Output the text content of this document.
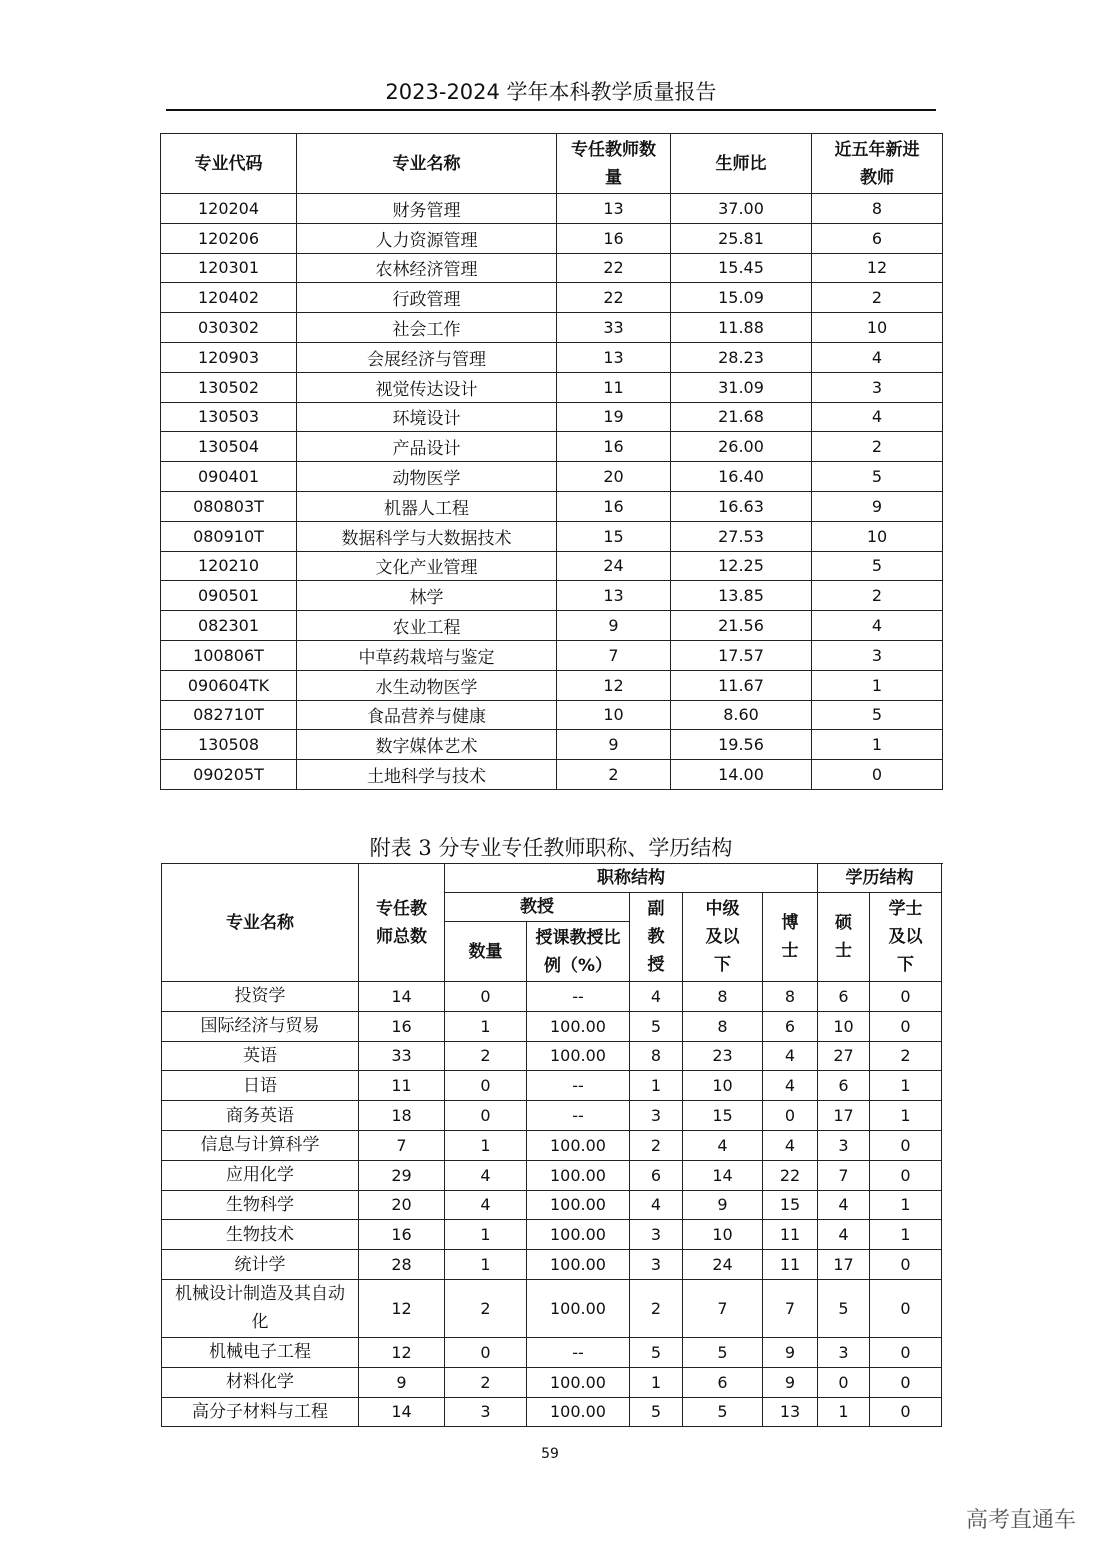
2023-2024 学年本科教学质量报告
专业代码	专业名称	专任教师数量	生师比	近五年新进教师
120204	财务管理	13	37.00	8
120206	人力资源管理	16	25.81	6
120301	农林经济管理	22	15.45	12
120402	行政管理	22	15.09	2
030302	社会工作	33	11.88	10
120903	会展经济与管理	13	28.23	4
130502	视觉传达设计	11	31.09	3
130503	环境设计	19	21.68	4
130504	产品设计	16	26.00	2
090401	动物医学	20	16.40	5
080803T	机器人工程	16	16.63	9
080910T	数据科学与大数据技术	15	27.53	10
120210	文化产业管理	24	12.25	5
090501	林学	13	13.85	2
082301	农业工程	9	21.56	4
100806T	中草药栽培与鉴定	7	17.57	3
090604TK	水生动物医学	12	11.67	1
082710T	食品营养与健康	10	8.60	5
130508	数字媒体艺术	9	19.56	1
090205T	土地科学与技术	2	14.00	0
附表 3 分专业专任教师职称、学历结构
专业名称	专任教师总数	职称结构					学历结构	
		教授		副教授	中级及以下	博士	硕士	学士及以下
		数量	授课教授比例（%）					
投资学	14	0	--	4	8	8	6	0
国际经济与贸易	16	1	100.00	5	8	6	10	0
英语	33	2	100.00	8	23	4	27	2
日语	11	0	--	1	10	4	6	1
商务英语	18	0	--	3	15	0	17	1
信息与计算科学	7	1	100.00	2	4	4	3	0
应用化学	29	4	100.00	6	14	22	7	0
生物科学	20	4	100.00	4	9	15	4	1
生物技术	16	1	100.00	3	10	11	4	1
统计学	28	1	100.00	3	24	11	17	0
机械设计制造及其自动化	12	2	100.00	2	7	7	5	0
机械电子工程	12	0	--	5	5	9	3	0
材料化学	9	2	100.00	1	6	9	0	0
高分子材料与工程	14	3	100.00	5	5	13	1	0
59
高考直通车
